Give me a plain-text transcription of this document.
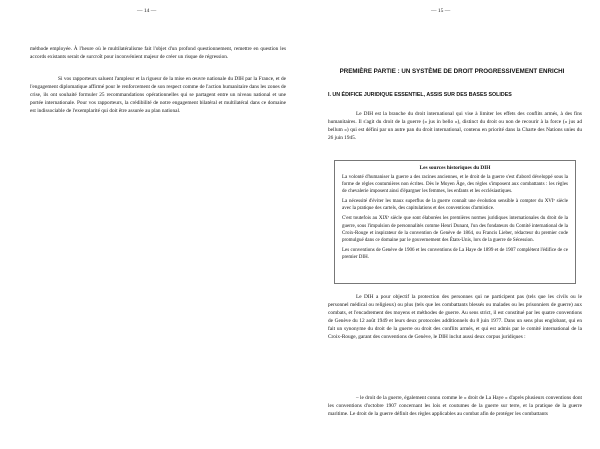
— 14 —

méthode employée. À l'heure où le multilatéralisme fait l'objet d'un profond questionnement, remettre en question les accords existants serait de surcroît pour inconvénient majeur de créer un risque de régression.

Si vos rapporteurs saluent l'ampleur et la rigueur de la mise en œuvre nationale du DIH par la France, et de l'engagement diplomatique affirmé pour le renforcement de son respect comme de l'action humanitaire dans les zones de crise, ils ont souhaité formuler 25 recommandations opérationnelles qui se partagent entre un niveau national et une portée internationale. Pour vos rapporteurs, la crédibilité de notre engagement bilatéral et multilatéral dans ce domaine est indissociable de l'exemplarité qui doit être assurée au plan national.

— 15 —

PREMIÈRE PARTIE : UN SYSTÈME DE DROIT PROGRESSIVEMENT ENRICHI

I. UN ÉDIFICE JURIDIQUE ESSENTIEL, ASSIS SUR DES BASES SOLIDES

Le DIH est la branche du droit international qui vise à limiter les effets des conflits armés, à des fins humanitaires. Il s'agit du droit de la guerre (« jus in bello »), distinct du droit ou non de recourir à la force (« jus ad bellum ») qui est défini par un autre pan du droit international, contenu en priorité dans la Charte des Nations unies du 26 juin 1945.

Les sources historiques du DIH

La volonté d'humaniser la guerre a des racines anciennes, et le droit de la guerre s'est d'abord développé sous la forme de règles coutumières non écrites. Dès le Moyen Âge, des règles s'imposent aux combattants : les règles de chevalerie imposent ainsi d'épargner les femmes, les enfants et les ecclésiastiques.

La nécessité d'éviter les maux superflus de la guerre connaît une évolution sensible à compter du XVIᵉ siècle avec la pratique des cartels, des capitulations et des conventions d'armistice.

C'est toutefois au XIXᵉ siècle que sont élaborées les premières normes juridiques internationales du droit de la guerre, sous l'impulsion de personnalités comme Henri Dunant, l'un des fondateurs du Comité international de la Croix-Rouge et inspirateur de la convention de Genève de 1864, ou Francis Lieber, rédacteur du premier code promulgué dans ce domaine par le gouvernement des États-Unis, lors de la guerre de Sécession.

Les conventions de Genève de 1906 et les conventions de La Haye de 1899 et de 1907 complètent l'édifice de ce premier DIH.

Le DIH a pour objectif la protection des personnes qui ne participent pas (tels que les civils ou le personnel médical ou religieux) ou plus (tels que les combattants blessés ou malades ou les prisonniers de guerre) aux combats, et l'encadrement des moyens et méthodes de guerre. Au sens strict, il est constitué par les quatre conventions de Genève du 12 août 1949 et leurs deux protocoles additionnels du 8 juin 1977. Dans un sens plus englobant, qui en fait un synonyme du droit de la guerre ou droit des conflits armés, et qui est admis par le comité international de la Croix-Rouge, garant des conventions de Genève, le DIH inclut aussi deux corpus juridiques :

– le droit de la guerre, également connu comme le « droit de La Haye » d'après plusieurs conventions dont les conventions d'octobre 1907 concernant les lois et coutumes de la guerre sur terre, et la pratique de la guerre maritime. Le droit de la guerre définit des règles applicables au combat afin de protéger les combattants
